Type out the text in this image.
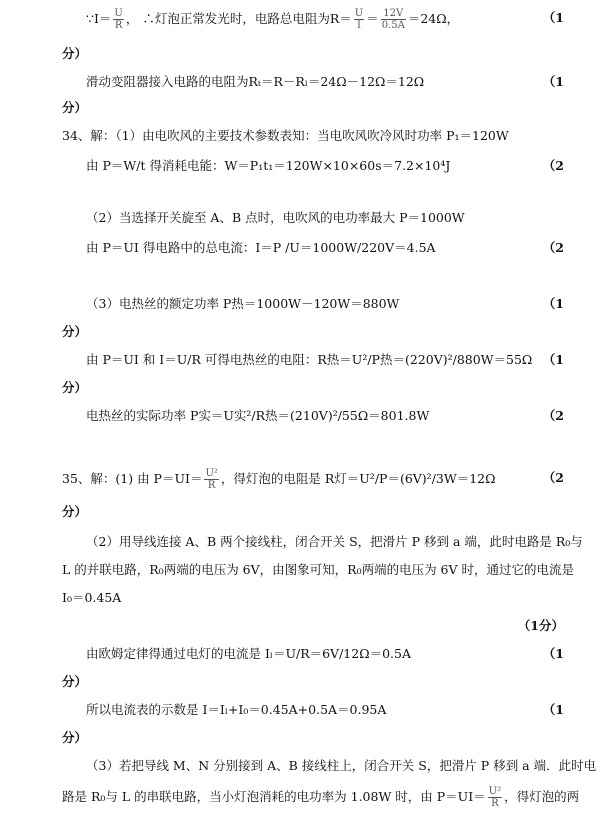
∵I＝ $\frac{U}{R}$ ， ∴灯泡正常发光时，电路总电阻为$R= \frac{U}{I} = \frac{12V}{0.5A} =24\Omega$，	（1
分）
滑动变阻器接入电路的电阻为Rₜ＝R－Rₗ＝24Ω－12Ω＝12Ω	（1
分）
34、解：（1）由电吹风的主要技术参数表知：当电吹风吹冷风时功率 P₁＝120W
由 P＝W/t 得消耗电能：W＝P₁t₁＝120W×10×60s＝7.2×10⁴J	（2
（2）当选择开关旋至 A、B 点时，电吹风的电功率最大 P＝1000W
由 P＝UI 得电路中的总电流：I＝P /U＝1000W/220V＝4.5A	（2
（3）电热丝的额定功率 P热＝1000W－120W＝880W	（1
分）
由 P＝UI 和 I＝U/R 可得电热丝的电阻：R热＝U²/P热＝(220V)²/880W＝55Ω （1
分）
电热丝的实际功率 P实＝U实²/R热＝(210V)²/55Ω＝801.8W	（2
35、解：(1) 由 $P=UI= \frac{\text{U²}}{R}$ ，得灯泡的电阻是 R灯＝U²/P＝(6V)²/3W＝12Ω	（2
分）
（2）用导线连接 A、B 两个接线柱，闭合开关 S，把滑片 P 移到 a 端，此时电路是 R₀与
L 的并联电路，R₀两端的电压为 6V，由图象可知，R₀两端的电压为 6V 时，通过它的电流是
I₀＝0.45A
（1分）
由欧姆定律得通过电灯的电流是 Iₗ＝U/R＝6V/12Ω＝0.5A	（1
分）
所以电流表的示数是 I＝Iₗ+I₀＝0.45A+0.5A＝0.95A	（1
分）
（3）若把导线 M、N 分别接到 A、B 接线柱上，闭合开关 S，把滑片 P 移到 a 端．此时电
路是 R₀与 L 的串联电路，当小灯泡消耗的电功率为 1.08W 时，由 $P=UI= \frac{\text{U²}}{R}$ ，得灯泡的两
